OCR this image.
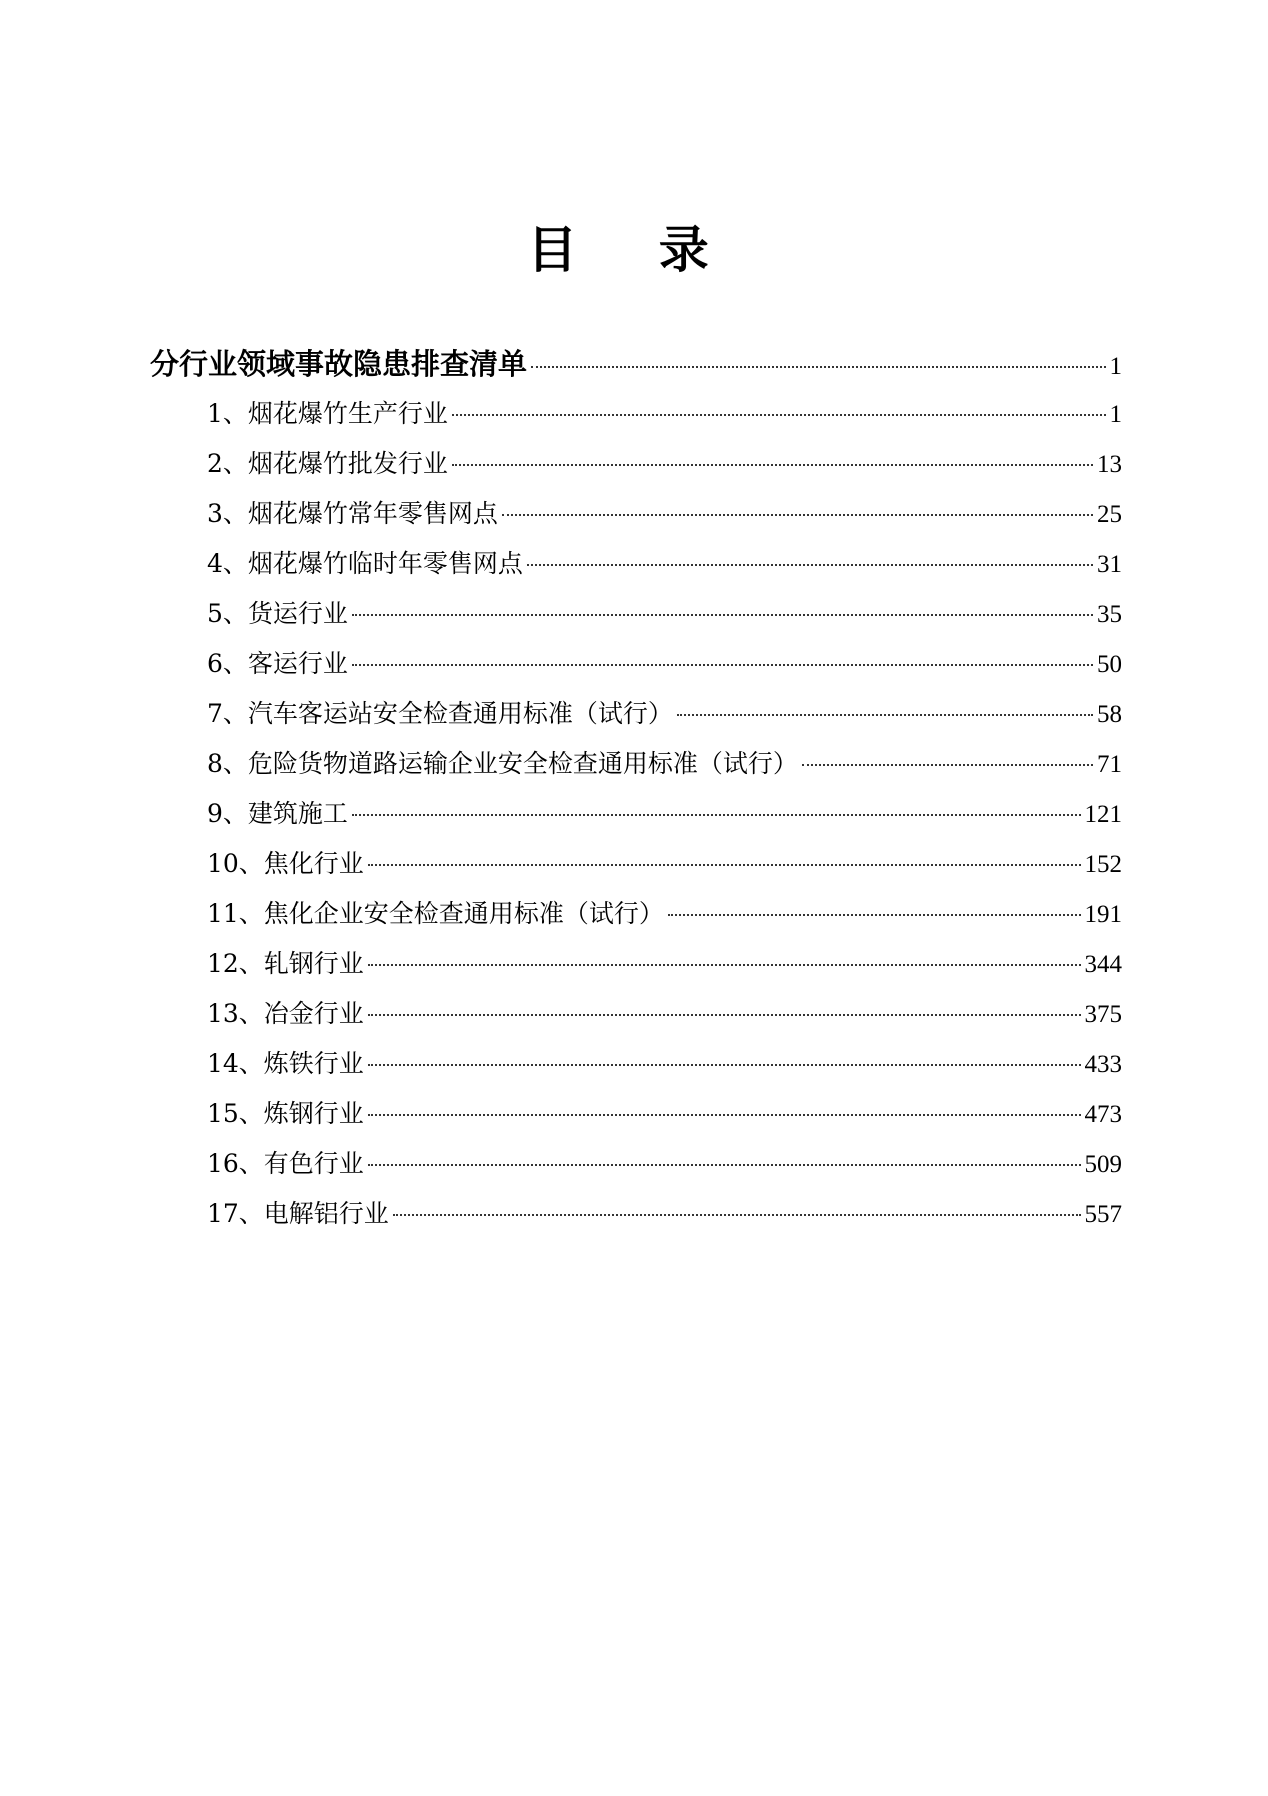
目 录
分行业领域事故隐患排查清单	1
1、烟花爆竹生产行业	1
2、烟花爆竹批发行业	13
3、烟花爆竹常年零售网点	25
4、烟花爆竹临时年零售网点	31
5、货运行业	35
6、客运行业	50
7、汽车客运站安全检查通用标准（试行）	58
8、危险货物道路运输企业安全检查通用标准（试行）	71
9、建筑施工	121
10、焦化行业	152
11、焦化企业安全检查通用标准（试行）	191
12、轧钢行业	344
13、冶金行业	375
14、炼铁行业	433
15、炼钢行业	473
16、有色行业	509
17、电解铝行业	557
